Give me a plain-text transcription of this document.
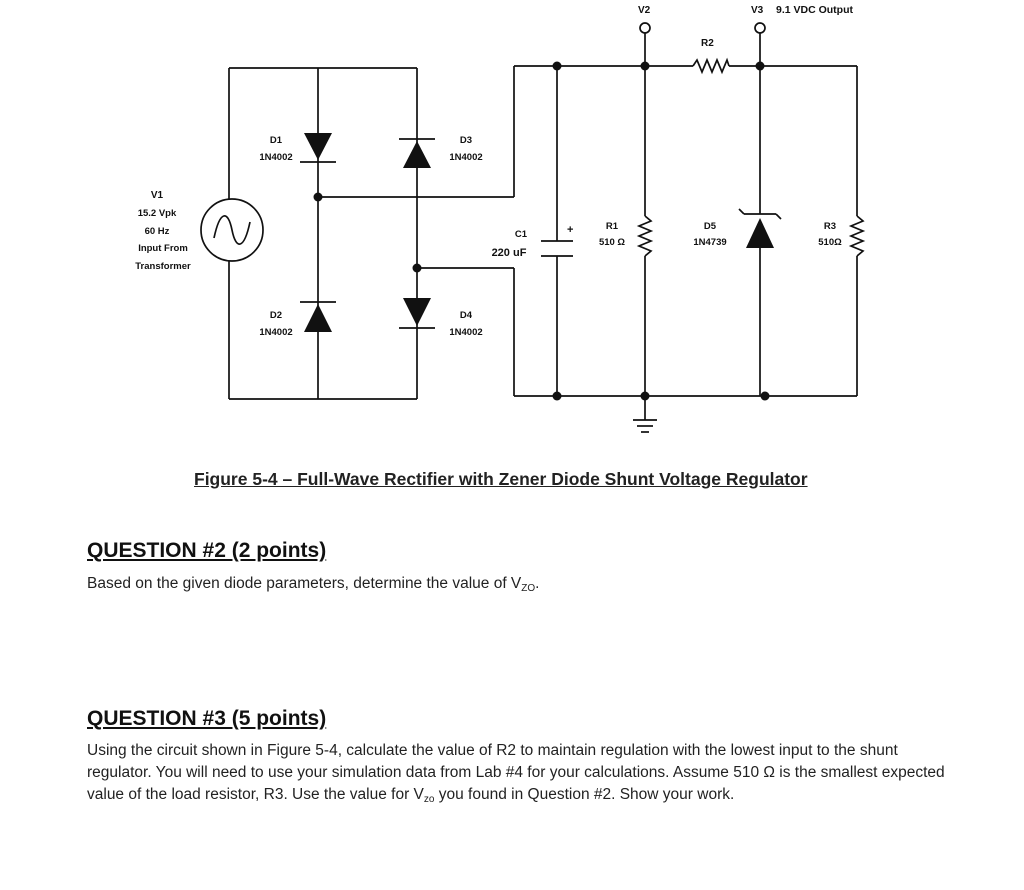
V2	V3 9.1 VDC Output
R2
V1
15.2 Vpk
60 Hz
Input From
Transformer
D1
1N4002
D2
1N4002
D3
1N4002
D4
1N4002
C1
220 uF
+	R1
510 Ω
D5
1N4739
R3
510Ω
Figure 5-4 – Full-Wave Rectifier with Zener Diode Shunt Voltage Regulator
QUESTION #2 (2 points)
Based on the given diode parameters, determine the value of $V_{ZO}$.
QUESTION #3 (5 points)
Using the circuit shown in Figure 5-4, calculate the value of R2 to maintain regulation with the lowest input to the shunt regulator. You will need to use your simulation data from Lab #4 for your calculations. Assume 510 Ω is the smallest expected value of the load resistor, R3. Use the value for $V_{zo}$ you found in Question #2. Show your work.
